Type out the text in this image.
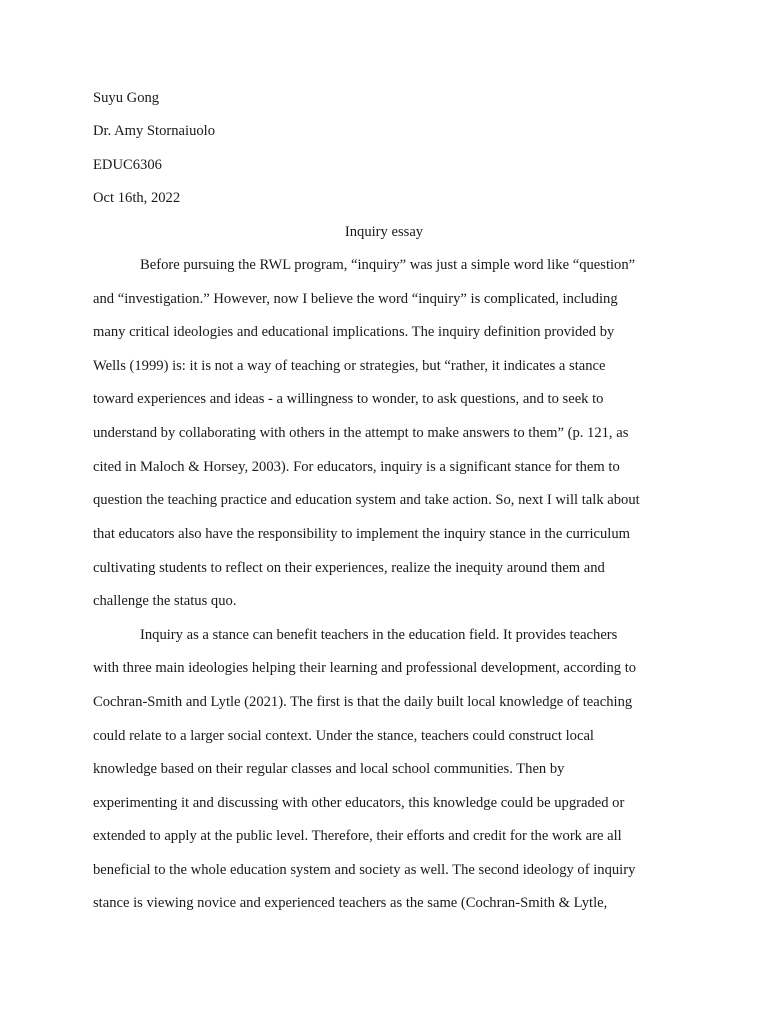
Suyu Gong
Dr. Amy Stornaiuolo
EDUC6306
Oct 16th, 2022
Inquiry essay
Before pursuing the RWL program, “inquiry” was just a simple word like “question”
and “investigation.” However, now I believe the word “inquiry” is complicated, including
many critical ideologies and educational implications. The inquiry definition provided by
Wells (1999) is: it is not a way of teaching or strategies, but “rather, it indicates a stance
toward experiences and ideas - a willingness to wonder, to ask questions, and to seek to
understand by collaborating with others in the attempt to make answers to them” (p. 121, as
cited in Maloch & Horsey, 2003). For educators, inquiry is a significant stance for them to
question the teaching practice and education system and take action. So, next I will talk about
that educators also have the responsibility to implement the inquiry stance in the curriculum
cultivating students to reflect on their experiences, realize the inequity around them and
challenge the status quo.
Inquiry as a stance can benefit teachers in the education field. It provides teachers
with three main ideologies helping their learning and professional development, according to
Cochran-Smith and Lytle (2021). The first is that the daily built local knowledge of teaching
could relate to a larger social context. Under the stance, teachers could construct local
knowledge based on their regular classes and local school communities. Then by
experimenting it and discussing with other educators, this knowledge could be upgraded or
extended to apply at the public level. Therefore, their efforts and credit for the work are all
beneficial to the whole education system and society as well. The second ideology of inquiry
stance is viewing novice and experienced teachers as the same (Cochran-Smith & Lytle,
